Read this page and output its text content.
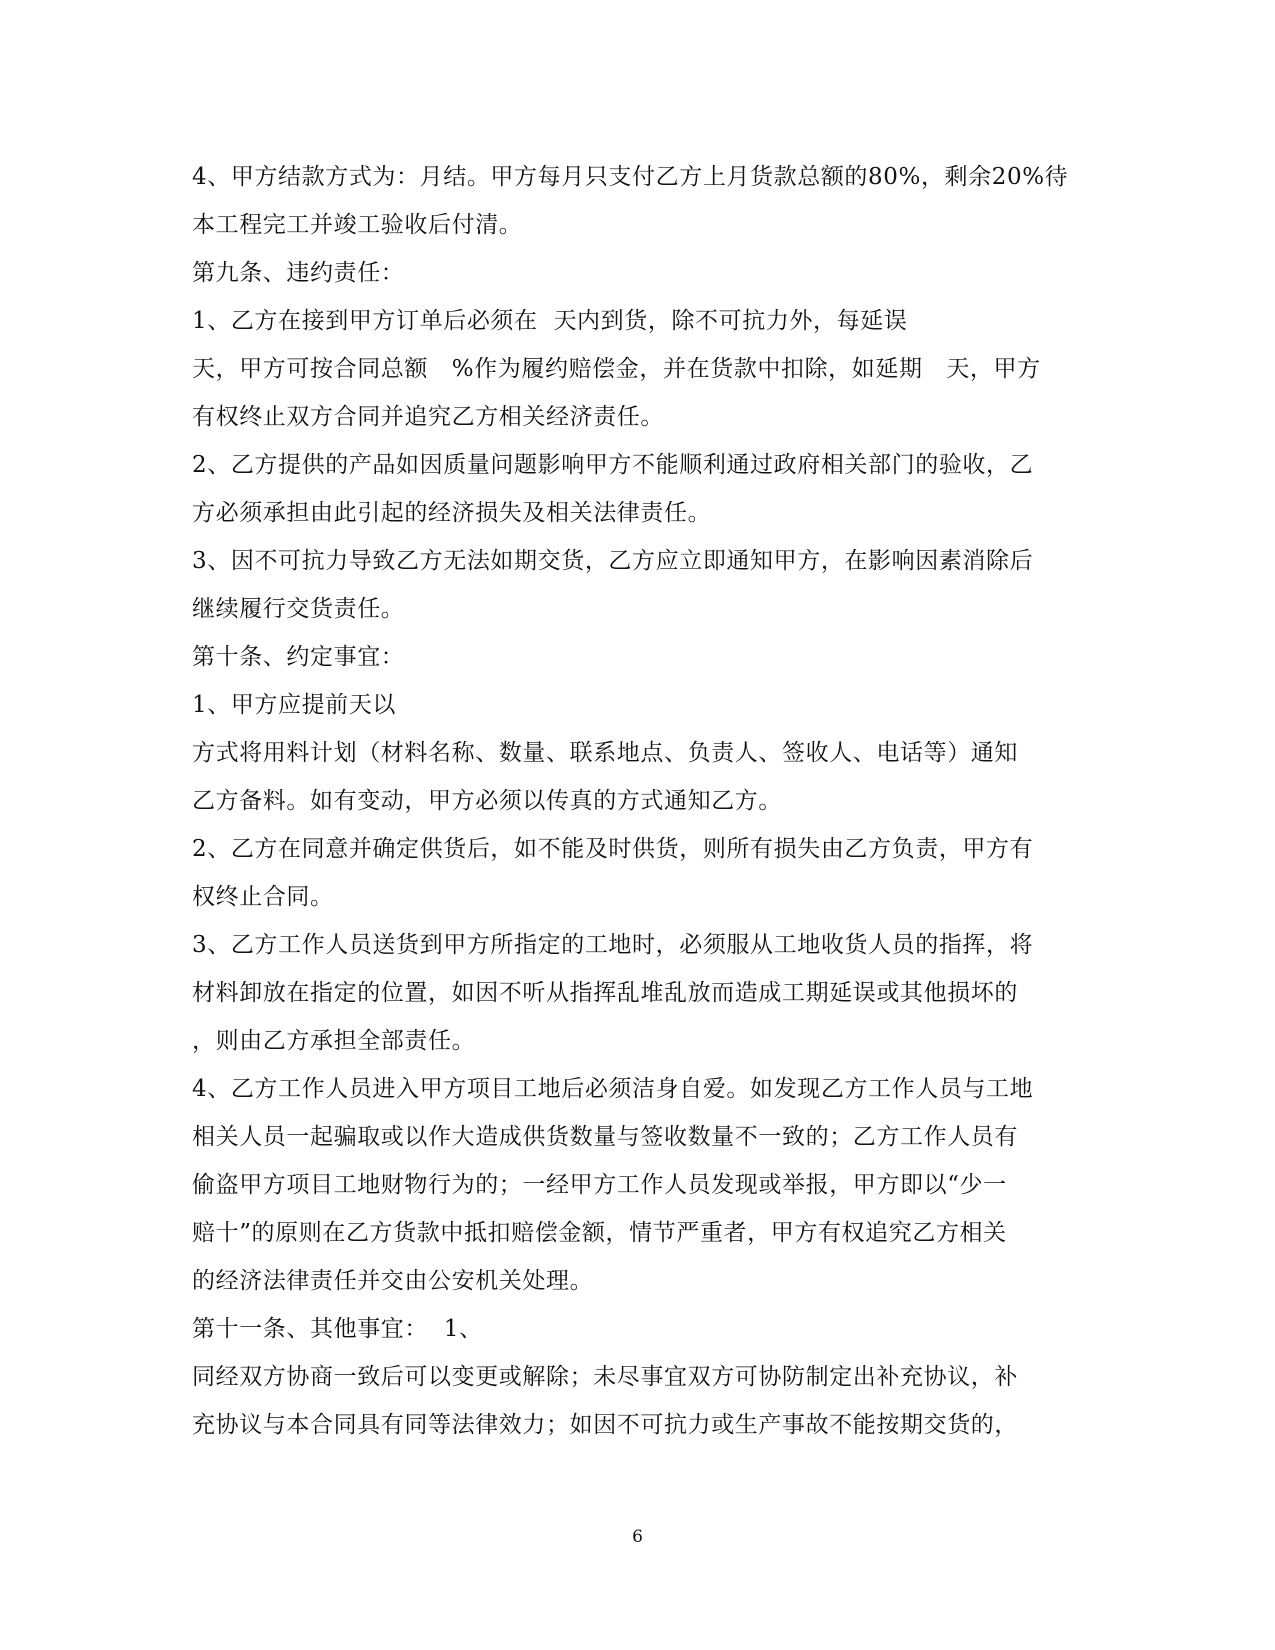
4、甲方结款方式为：月结。甲方每月只支付乙方上月货款总额的80%，剩余20%待
本工程完工并竣工验收后付清。
第九条、违约责任：
1、乙方在接到甲方订单后必须在  天内到货，除不可抗力外，每延误
天，甲方可按合同总额   %作为履约赔偿金，并在货款中扣除，如延期   天，甲方
有权终止双方合同并追究乙方相关经济责任。
2、乙方提供的产品如因质量问题影响甲方不能顺利通过政府相关部门的验收，乙
方必须承担由此引起的经济损失及相关法律责任。
3、因不可抗力导致乙方无法如期交货，乙方应立即通知甲方，在影响因素消除后
继续履行交货责任。
第十条、约定事宜：
1、甲方应提前天以
方式将用料计划（材料名称、数量、联系地点、负责人、签收人、电话等）通知
乙方备料。如有变动，甲方必须以传真的方式通知乙方。
2、乙方在同意并确定供货后，如不能及时供货，则所有损失由乙方负责，甲方有
权终止合同。
3、乙方工作人员送货到甲方所指定的工地时，必须服从工地收货人员的指挥，将
材料卸放在指定的位置，如因不听从指挥乱堆乱放而造成工期延误或其他损坏的
，则由乙方承担全部责任。
4、乙方工作人员进入甲方项目工地后必须洁身自爱。如发现乙方工作人员与工地
相关人员一起骗取或以作大造成供货数量与签收数量不一致的；乙方工作人员有
偷盗甲方项目工地财物行为的；一经甲方工作人员发现或举报，甲方即以“少一
赔十”的原则在乙方货款中抵扣赔偿金额，情节严重者，甲方有权追究乙方相关
的经济法律责任并交由公安机关处理。
第十一条、其他事宜：  1、
同经双方协商一致后可以变更或解除；未尽事宜双方可协防制定出补充协议，补
充协议与本合同具有同等法律效力；如因不可抗力或生产事故不能按期交货的，
6
